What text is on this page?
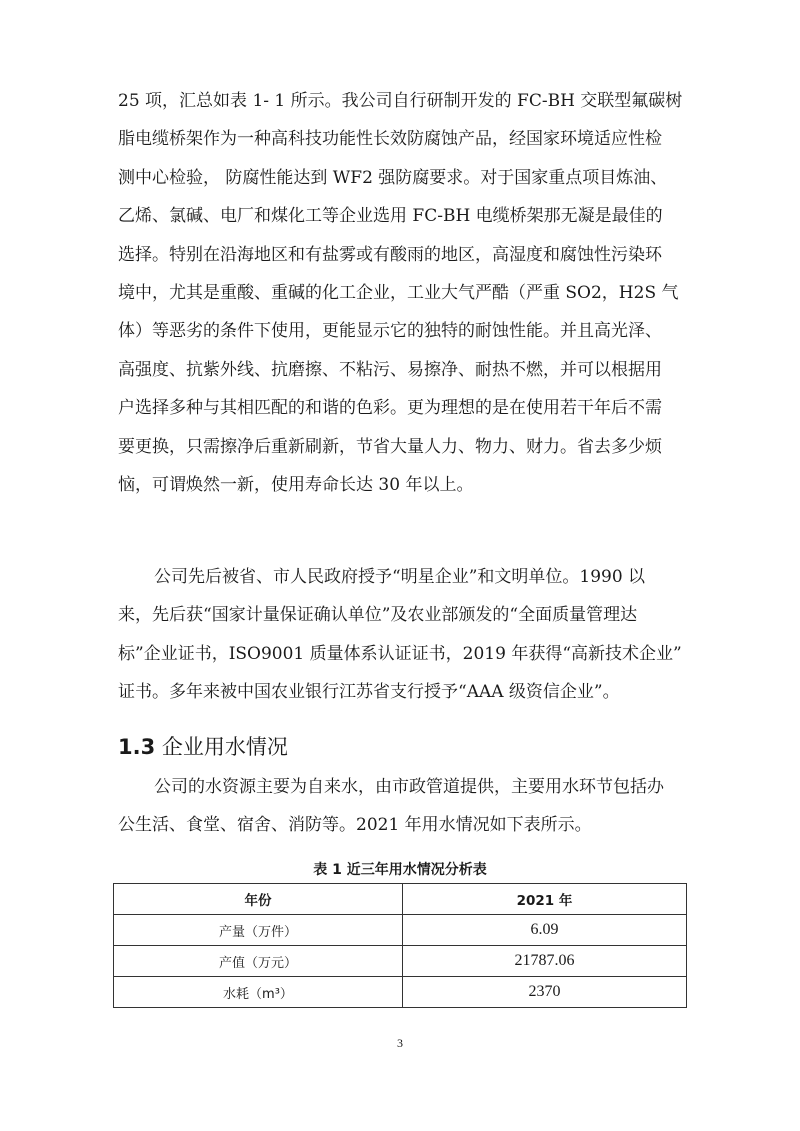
25 项，汇总如表 1- 1 所示。我公司自行研制开发的 FC-BH 交联型氟碳树
脂电缆桥架作为一种高科技功能性长效防腐蚀产品，经国家环境适应性检
测中心检验， 防腐性能达到 WF2 强防腐要求。对于国家重点项目炼油、
乙烯、氯碱、电厂和煤化工等企业选用 FC-BH 电缆桥架那无凝是最佳的
选择。特别在沿海地区和有盐雾或有酸雨的地区，高湿度和腐蚀性污染环
境中，尤其是重酸、重碱的化工企业，工业大气严酷（严重 SO2，H2S 气
体）等恶劣的条件下使用，更能显示它的独特的耐蚀性能。并且高光泽、
高强度、抗紫外线、抗磨擦、不粘污、易擦净、耐热不燃，并可以根据用
户选择多种与其相匹配的和谐的色彩。更为理想的是在使用若干年后不需
要更换，只需擦净后重新刷新，节省大量人力、物力、财力。省去多少烦
恼，可谓焕然一新，使用寿命长达 30 年以上。
公司先后被省、市人民政府授予“明星企业”和文明单位。1990 以
来，先后获“国家计量保证确认单位”及农业部颁发的“全面质量管理达
标”企业证书，ISO9001 质量体系认证证书，2019 年获得“高新技术企业”
证书。多年来被中国农业银行江苏省支行授予“AAA 级资信企业”。
1.3 企业用水情况
公司的水资源主要为自来水，由市政管道提供，主要用水环节包括办
公生活、食堂、宿舍、消防等。2021 年用水情况如下表所示。
表 1 近三年用水情况分析表
年份	2021 年
产量（万件）	6.09
产值（万元）	21787.06
水耗（m³）	2370
3
